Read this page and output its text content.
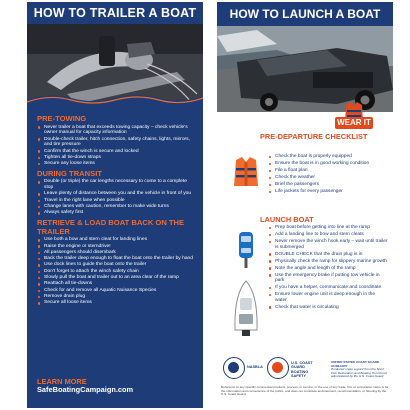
HOW TO TRAILER A BOAT
PRE-TOWING
Never trailer a boat that exceeds towing capacity – check vehicle's owner manual for capacity information
Double-check trailer, hitch connection, safety chains, lights, mirrors, and tire pressure
Confirm that the winch is secure and locked
Tighten all tie-down straps
Secure any loose items
DURING TRANSIT
Double (or triple) the car lengths necessary to come to a complete stop
Leave plenty of distance between you and the vehicle in front of you
Travel in the right lane when possible
Change lanes with caution, remember to make wide turns
Always safety first
RETRIEVE & LOAD BOAT BACK ON THE TRAILER
Use both a bow and stern cleat for landing lines
Raise the engine or sterndrive!
All passengers should disembark
Back the trailer deep enough to float the boat onto the trailer by hand
Use dock lines to guide the boat onto the trailer
Don't forget to attach the winch safety chain
Slowly pull the boat and trailer out to an area clear of the ramp
Reattach all tie-downs
Check for and remove all Aquatic Nuisance Species
Remove drain plug
Secure all loose items
LEARN MORE
SafeBoatingCampaign.com
HOW TO LAUNCH A BOAT
WEAR IT
PRE-DEPARTURE CHECKLIST
Check the boat is properly equipped
Ensure the boat is in good working condition
File a float plan
Check the weather
Brief the passengers
Life jackets for every passenger
LAUNCH BOAT
Prep boat before getting into line at the ramp
Add a landing line to bow and stern cleats
Never remove the winch hook early – wait until trailer is submerged
DOUBLE CHECK that the drain plug is in
Physically check the ramp for slippery marine growth
Note the angle and length of the ramp
Use the emergency brake if putting tow vehicle in park
If you have a helper, communicate and coordinate
Ensure lower engine unit is deep enough in the water
Check that water is circulating
NASBLA
U.S. COAST GUARD
BOATING SAFETY
UNITED STATES COAST GUARD AUXILIARY
Produced under a grant from the Sport Fish Restoration and Boating Trust Fund, administered by the U.S. Coast Guard.
Reference to any specific commercial products, process, or service, or the use of any trade, firm or corporation name is for the information and convenience of the public, and does not constitute endorsement, recommendation, or favoring by the U.S. Coast Guard.
